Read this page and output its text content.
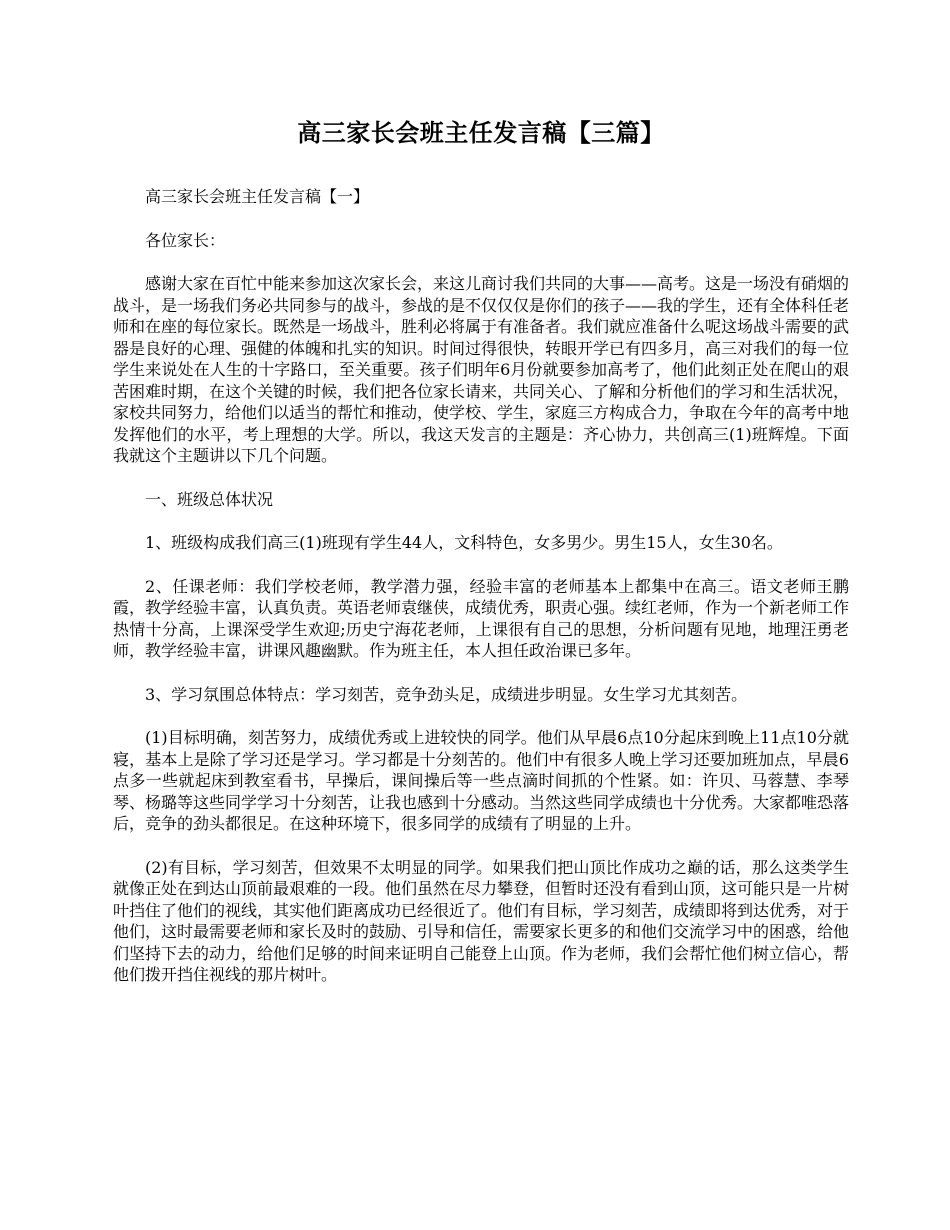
高三家长会班主任发言稿【三篇】

高三家长会班主任发言稿【一】

各位家长：

感谢大家在百忙中能来参加这次家长会，来这儿商讨我们共同的大事——高考。这是一场没有硝烟的战斗，是一场我们务必共同参与的战斗，参战的是不仅仅仅是你们的孩子——我的学生，还有全体科任老师和在座的每位家长。既然是一场战斗，胜利必将属于有准备者。我们就应准备什么呢这场战斗需要的武器是良好的心理、强健的体魄和扎实的知识。时间过得很快，转眼开学已有四多月，高三对我们的每一位学生来说处在人生的十字路口，至关重要。孩子们明年6月份就要参加高考了，他们此刻正处在爬山的艰苦困难时期，在这个关键的时候，我们把各位家长请来，共同关心、了解和分析他们的学习和生活状况，家校共同努力，给他们以适当的帮忙和推动，使学校、学生，家庭三方构成合力，争取在今年的高考中地发挥他们的水平，考上理想的大学。所以，我这天发言的主题是：齐心协力，共创高三(1)班辉煌。下面我就这个主题讲以下几个问题。

一、班级总体状况

1、班级构成我们高三(1)班现有学生44人，文科特色，女多男少。男生15人，女生30名。

2、任课老师：我们学校老师，教学潜力强，经验丰富的老师基本上都集中在高三。语文老师王鹏霞，教学经验丰富，认真负责。英语老师袁继侠，成绩优秀，职责心强。续红老师，作为一个新老师工作热情十分高，上课深受学生欢迎;历史宁海花老师，上课很有自己的思想，分析问题有见地，地理汪勇老师，教学经验丰富，讲课风趣幽默。作为班主任，本人担任政治课已多年。

3、学习氛围总体特点：学习刻苦，竞争劲头足，成绩进步明显。女生学习尤其刻苦。

(1)目标明确，刻苦努力，成绩优秀或上进较快的同学。他们从早晨6点10分起床到晚上11点10分就寝，基本上是除了学习还是学习。学习都是十分刻苦的。他们中有很多人晚上学习还要加班加点，早晨6点多一些就起床到教室看书，早操后，课间操后等一些点滴时间抓的个性紧。如：许贝、马蓉慧、李琴琴、杨璐等这些同学学习十分刻苦，让我也感到十分感动。当然这些同学成绩也十分优秀。大家都唯恐落后，竞争的劲头都很足。在这种环境下，很多同学的成绩有了明显的上升。

(2)有目标，学习刻苦，但效果不太明显的同学。如果我们把山顶比作成功之巅的话，那么这类学生就像正处在到达山顶前最艰难的一段。他们虽然在尽力攀登，但暂时还没有看到山顶，这可能只是一片树叶挡住了他们的视线，其实他们距离成功已经很近了。他们有目标，学习刻苦，成绩即将到达优秀，对于他们，这时最需要老师和家长及时的鼓励、引导和信任，需要家长更多的和他们交流学习中的困惑，给他们坚持下去的动力，给他们足够的时间来证明自己能登上山顶。作为老师，我们会帮忙他们树立信心，帮他们拨开挡住视线的那片树叶。
